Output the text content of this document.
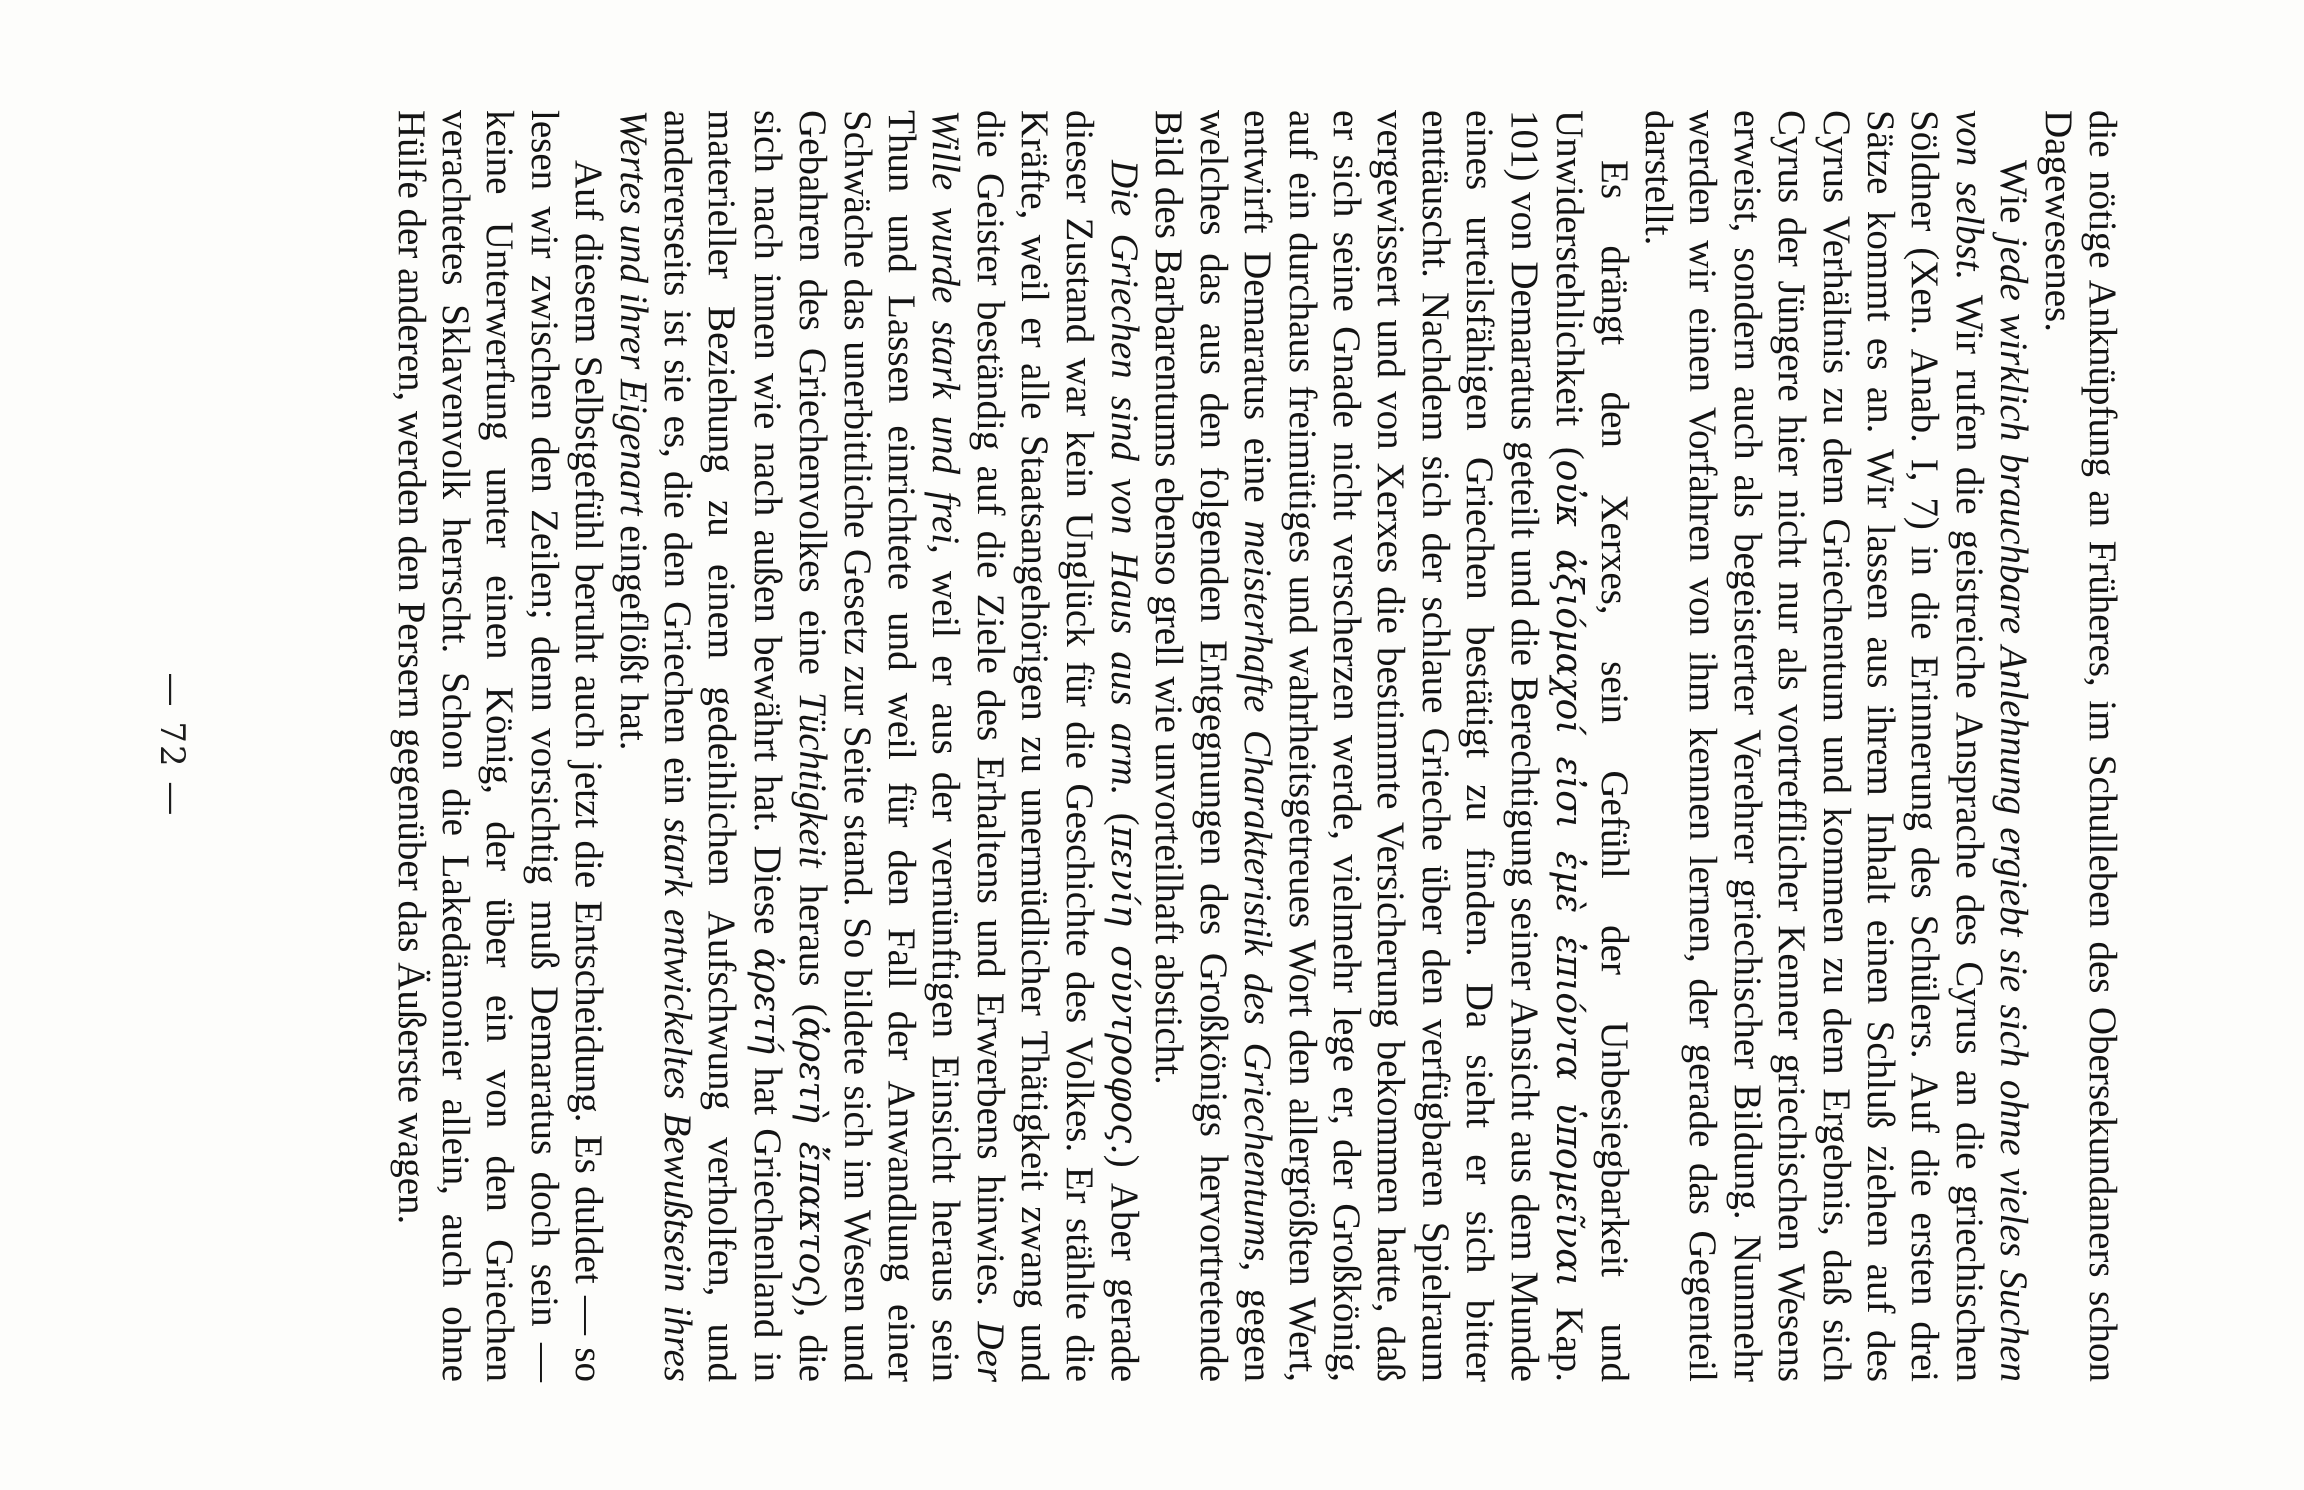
— 72 —	die nötige Anknüpfung an Früheres, im Schulleben des Obersekundaners schon Dagewesenes.

Wie jede wirklich brauchbare Anlehnung ergiebt sie sich ohne vieles Suchen von selbst. Wir rufen die geistreiche Ansprache des Cyrus an die griechischen Söldner (Xen. Anab. I, 7) in die Erinnerung des Schülers. Auf die ersten drei Sätze kommt es an. Wir lassen aus ihrem Inhalt einen Schluß ziehen auf des Cyrus Verhältnis zu dem Griechentum und kommen zu dem Ergebnis, daß sich Cyrus der Jüngere hier nicht nur als vortrefflicher Kenner griechischen Wesens erweist, sondern auch als begeisterter Verehrer griechischer Bildung. Nunmehr werden wir einen Vorfahren von ihm kennen lernen, der gerade das Gegenteil darstellt.

Es drängt den Xerxes, sein Gefühl der Unbesiegbarkeit und Unwiderstehlichkeit (οὐκ ἀξιόμαχοί εἰσι ἐμὲ ἐπιόντα ὑπομεῖναι Kap. 101) von Demaratus geteilt und die Berechtigung seiner Ansicht aus dem Munde eines urteilsfähigen Griechen bestätigt zu finden. Da sieht er sich bitter enttäuscht. Nachdem sich der schlaue Grieche über den verfügbaren Spielraum vergewissert und von Xerxes die bestimmte Versicherung bekommen hatte, daß er sich seine Gnade nicht verscherzen werde, vielmehr lege er, der Großkönig, auf ein durchaus freimütiges und wahrheitsgetreues Wort den allergrößten Wert, entwirft Demaratus eine meisterhafte Charakteristik des Griechentums, gegen welches das aus den folgenden Entgegnungen des Großkönigs hervortretende Bild des Barbarentums ebenso grell wie unvorteilhaft absticht.

Die Griechen sind von Haus aus arm. (πενίη σύντροφος.) Aber gerade dieser Zustand war kein Unglück für die Geschichte des Volkes. Er stählte die Kräfte, weil er alle Staatsangehörigen zu unermüdlicher Thätigkeit zwang und die Geister beständig auf die Ziele des Erhaltens und Erwerbens hinwies. Der Wille wurde stark und frei, weil er aus der vernünftigen Einsicht heraus sein Thun und Lassen einrichtete und weil für den Fall der Anwandlung einer Schwäche das unerbittliche Gesetz zur Seite stand. So bildete sich im Wesen und Gebahren des Griechenvolkes eine Tüchtigkeit heraus (ἀρετὴ ἔπακτος), die sich nach innen wie nach außen bewährt hat. Diese ἀρετή hat Griechenland in materieller Beziehung zu einem gedeihlichen Aufschwung verholfen, und andererseits ist sie es, die den Griechen ein stark entwickeltes Bewußtsein ihres Wertes und ihrer Eigenart eingeflößt hat.

Auf diesem Selbstgefühl beruht auch jetzt die Entscheidung. Es duldet — so lesen wir zwischen den Zeilen; denn vorsichtig muß Demaratus doch sein — keine Unterwerfung unter einen König, der über ein von den Griechen verachtetes Sklavenvolk herrscht. Schon die Lakedämonier allein, auch ohne Hülfe der anderen, werden den Persern gegenüber das Äußerste wagen.
